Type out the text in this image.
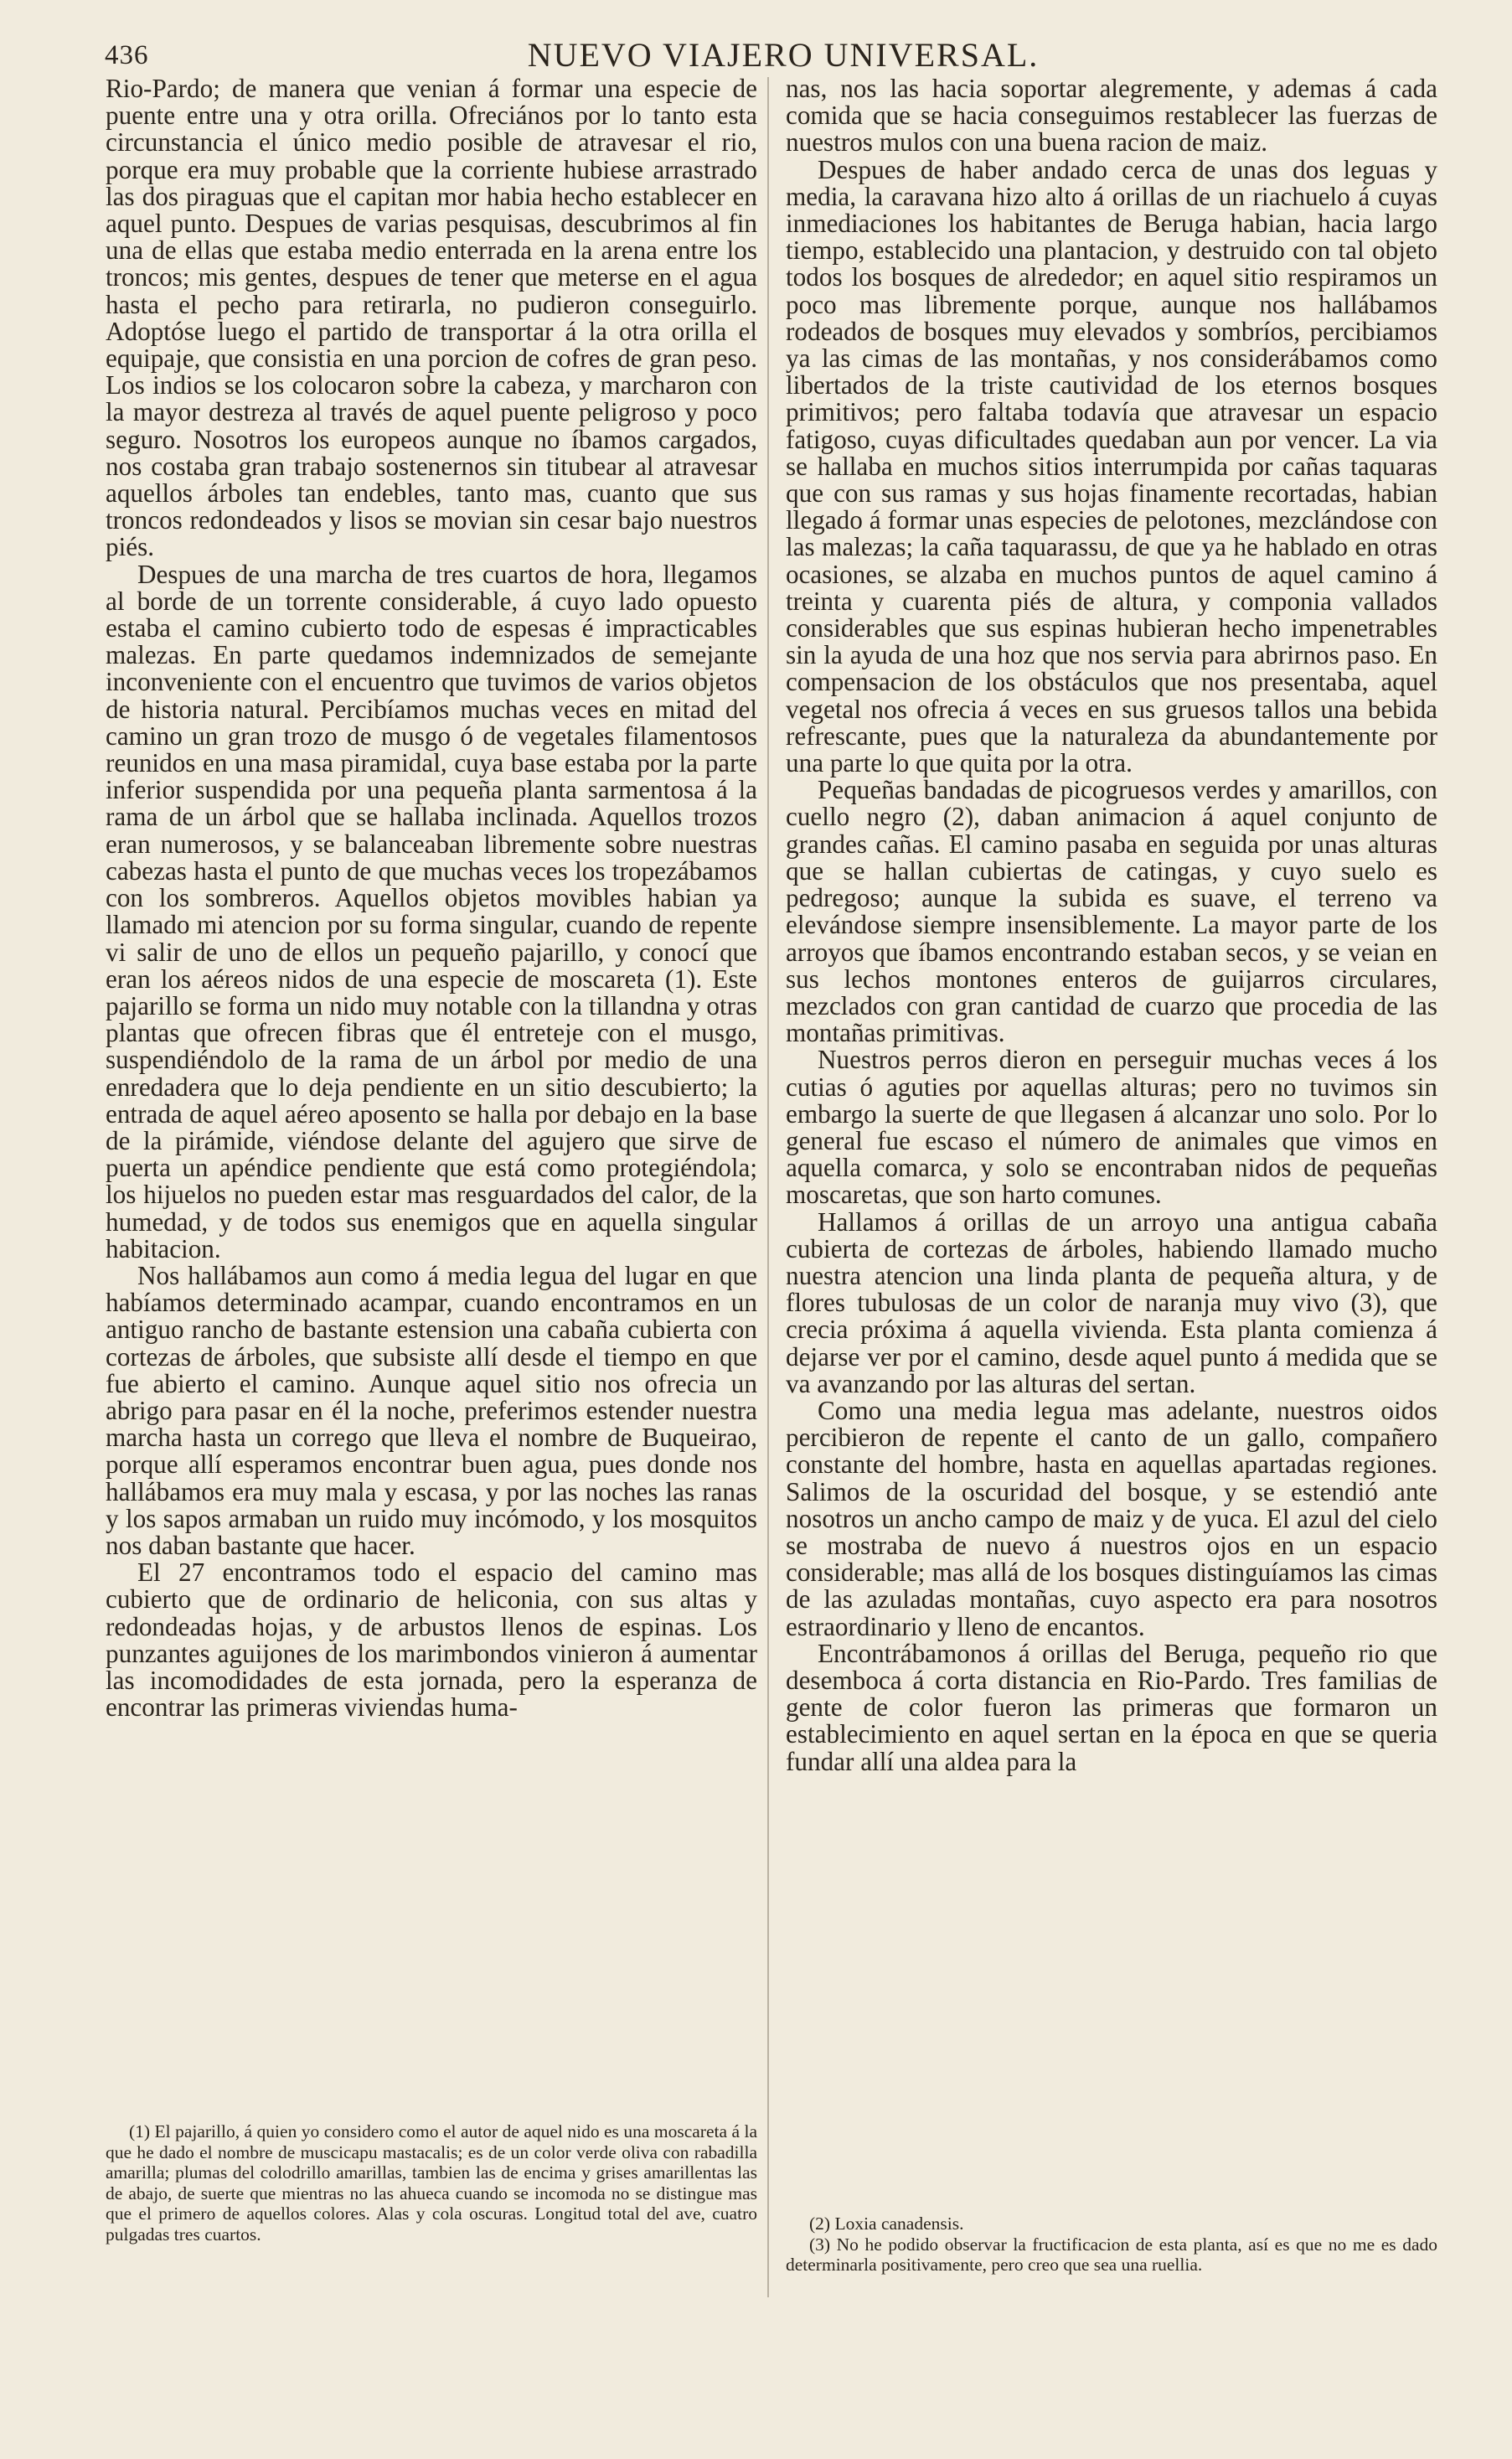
436	NUEVO VIAJERO UNIVERSAL.

Rio-Pardo; de manera que venian á formar una especie de puente entre una y otra orilla. Ofreciános por lo tanto esta circunstancia el único medio posible de atravesar el rio, porque era muy probable que la corriente hubiese arrastrado las dos piraguas que el capitan mor habia hecho establecer en aquel punto. Despues de varias pesquisas, descubrimos al fin una de ellas que estaba medio enterrada en la arena entre los troncos; mis gentes, despues de tener que meterse en el agua hasta el pecho para retirarla, no pudieron conseguirlo. Adoptóse luego el partido de transportar á la otra orilla el equipaje, que consistia en una porcion de cofres de gran peso. Los indios se los colocaron sobre la cabeza, y marcharon con la mayor destreza al través de aquel puente peligroso y poco seguro. Nosotros los europeos aunque no íbamos cargados, nos costaba gran trabajo sostenernos sin titubear al atravesar aquellos árboles tan endebles, tanto mas, cuanto que sus troncos redondeados y lisos se movian sin cesar bajo nuestros piés.

Despues de una marcha de tres cuartos de hora, llegamos al borde de un torrente considerable, á cuyo lado opuesto estaba el camino cubierto todo de espesas é impracticables malezas. En parte quedamos indemnizados de semejante inconveniente con el encuentro que tuvimos de varios objetos de historia natural. Percibíamos muchas veces en mitad del camino un gran trozo de musgo ó de vegetales filamentosos reunidos en una masa piramidal, cuya base estaba por la parte inferior suspendida por una pequeña planta sarmentosa á la rama de un árbol que se hallaba inclinada. Aquellos trozos eran numerosos, y se balanceaban libremente sobre nuestras cabezas hasta el punto de que muchas veces los tropezábamos con los sombreros. Aquellos objetos movibles habian ya llamado mi atencion por su forma singular, cuando de repente vi salir de uno de ellos un pequeño pajarillo, y conocí que eran los aéreos nidos de una especie de moscareta (1). Este pajarillo se forma un nido muy notable con la tillandna y otras plantas que ofrecen fibras que él entreteje con el musgo, suspendiéndolo de la rama de un árbol por medio de una enredadera que lo deja pendiente en un sitio descubierto; la entrada de aquel aéreo aposento se halla por debajo en la base de la pirámide, viéndose delante del agujero que sirve de puerta un apéndice pendiente que está como protegiéndola; los hijuelos no pueden estar mas resguardados del calor, de la humedad, y de todos sus enemigos que en aquella singular habitacion.

Nos hallábamos aun como á media legua del lugar en que habíamos determinado acampar, cuando encontramos en un antiguo rancho de bastante estension una cabaña cubierta con cortezas de árboles, que subsiste allí desde el tiempo en que fue abierto el camino. Aunque aquel sitio nos ofrecia un abrigo para pasar en él la noche, preferimos estender nuestra marcha hasta un corrego que lleva el nombre de Buqueirao, porque allí esperamos encontrar buen agua, pues donde nos hallábamos era muy mala y escasa, y por las noches las ranas y los sapos armaban un ruido muy incómodo, y los mosquitos nos daban bastante que hacer.

El 27 encontramos todo el espacio del camino mas cubierto que de ordinario de heliconia, con sus altas y redondeadas hojas, y de arbustos llenos de espinas. Los punzantes aguijones de los marimbondos vinieron á aumentar las incomodidades de esta jornada, pero la esperanza de encontrar las primeras viviendas huma-

nas, nos las hacia soportar alegremente, y ademas á cada comida que se hacia conseguimos restablecer las fuerzas de nuestros mulos con una buena racion de maiz.

Despues de haber andado cerca de unas dos leguas y media, la caravana hizo alto á orillas de un riachuelo á cuyas inmediaciones los habitantes de Beruga habian, hacia largo tiempo, establecido una plantacion, y destruido con tal objeto todos los bosques de alrededor; en aquel sitio respiramos un poco mas libremente porque, aunque nos hallábamos rodeados de bosques muy elevados y sombríos, percibiamos ya las cimas de las montañas, y nos considerábamos como libertados de la triste cautividad de los eternos bosques primitivos; pero faltaba todavía que atravesar un espacio fatigoso, cuyas dificultades quedaban aun por vencer. La via se hallaba en muchos sitios interrumpida por cañas taquaras que con sus ramas y sus hojas finamente recortadas, habian llegado á formar unas especies de pelotones, mezclándose con las malezas; la caña taquarassu, de que ya he hablado en otras ocasiones, se alzaba en muchos puntos de aquel camino á treinta y cuarenta piés de altura, y componia vallados considerables que sus espinas hubieran hecho impenetrables sin la ayuda de una hoz que nos servia para abrirnos paso. En compensacion de los obstáculos que nos presentaba, aquel vegetal nos ofrecia á veces en sus gruesos tallos una bebida refrescante, pues que la naturaleza da abundantemente por una parte lo que quita por la otra.

Pequeñas bandadas de picogruesos verdes y amarillos, con cuello negro (2), daban animacion á aquel conjunto de grandes cañas. El camino pasaba en seguida por unas alturas que se hallan cubiertas de catingas, y cuyo suelo es pedregoso; aunque la subida es suave, el terreno va elevándose siempre insensiblemente. La mayor parte de los arroyos que íbamos encontrando estaban secos, y se veian en sus lechos montones enteros de guijarros circulares, mezclados con gran cantidad de cuarzo que procedia de las montañas primitivas.

Nuestros perros dieron en perseguir muchas veces á los cutias ó aguties por aquellas alturas; pero no tuvimos sin embargo la suerte de que llegasen á alcanzar uno solo. Por lo general fue escaso el número de animales que vimos en aquella comarca, y solo se encontraban nidos de pequeñas moscaretas, que son harto comunes.

Hallamos á orillas de un arroyo una antigua cabaña cubierta de cortezas de árboles, habiendo llamado mucho nuestra atencion una linda planta de pequeña altura, y de flores tubulosas de un color de naranja muy vivo (3), que crecia próxima á aquella vivienda. Esta planta comienza á dejarse ver por el camino, desde aquel punto á medida que se va avanzando por las alturas del sertan.

Como una media legua mas adelante, nuestros oidos percibieron de repente el canto de un gallo, compañero constante del hombre, hasta en aquellas apartadas regiones. Salimos de la oscuridad del bosque, y se estendió ante nosotros un ancho campo de maiz y de yuca. El azul del cielo se mostraba de nuevo á nuestros ojos en un espacio considerable; mas allá de los bosques distinguíamos las cimas de las azuladas montañas, cuyo aspecto era para nosotros estraordinario y lleno de encantos.

Encontrábamonos á orillas del Beruga, pequeño rio que desemboca á corta distancia en Rio-Pardo. Tres familias de gente de color fueron las primeras que formaron un establecimiento en aquel sertan en la época en que se queria fundar allí una aldea para la

(1) El pajarillo, á quien yo considero como el autor de aquel nido es una moscareta á la que he dado el nombre de muscicapu mastacalis; es de un color verde oliva con rabadilla amarilla; plumas del colodrillo amarillas, tambien las de encima y grises amarillentas las de abajo, de suerte que mientras no las ahueca cuando se incomoda no se distingue mas que el primero de aquellos colores. Alas y cola oscuras. Longitud total del ave, cuatro pulgadas tres cuartos.

(2) Loxia canadensis.

(3) No he podido observar la fructificacion de esta planta, así es que no me es dado determinarla positivamente, pero creo que sea una ruellia.
